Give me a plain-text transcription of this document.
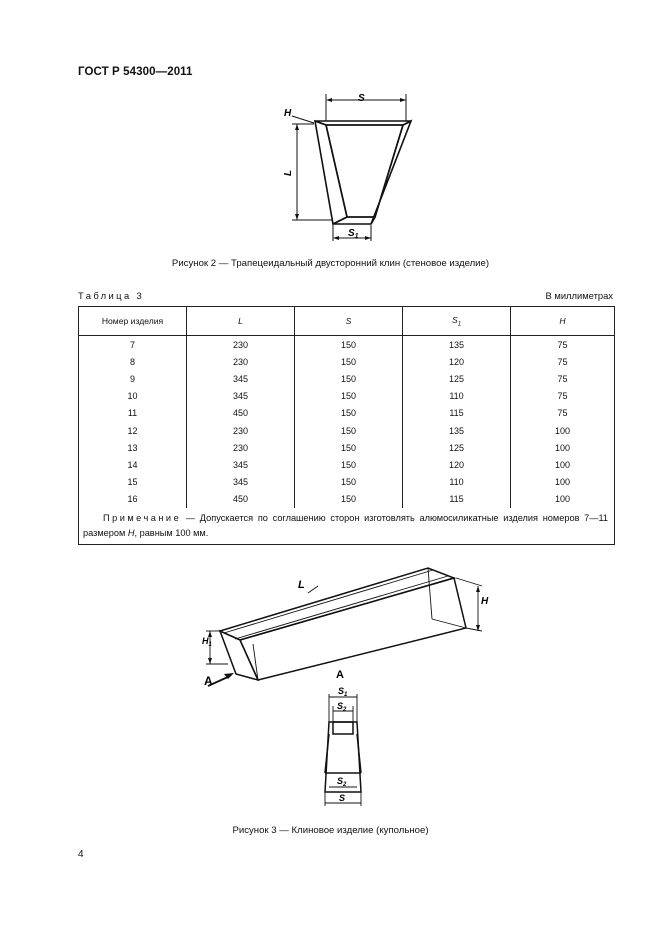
ГОСТ Р 54300—2011
S
H
L
$S_1$
Рисунок 2 — Трапецеидальный двусторонний клин (стеновое изделие)
Таблица 3	В миллиметрах
Номер изделия	L	S	$S_1$	H
7	230	150	135	75
8	230	150	120	75
9	345	150	125	75
10	345	150	110	75
11	450	150	115	75
12	230	150	135	100
13	230	150	125	100
14	345	150	120	100
15	345	150	110	100
16	450	150	115	100
Примечание — Допускается по соглашению сторон изготовлять алюмосиликатные изделия номеров 7—11 размером H, равным 100 мм.				
L
H
$H_1$
A	A
$S_1$
$S_2$
$S_2$
S
Рисунок 3 — Клиновое изделие (купольное)
4
